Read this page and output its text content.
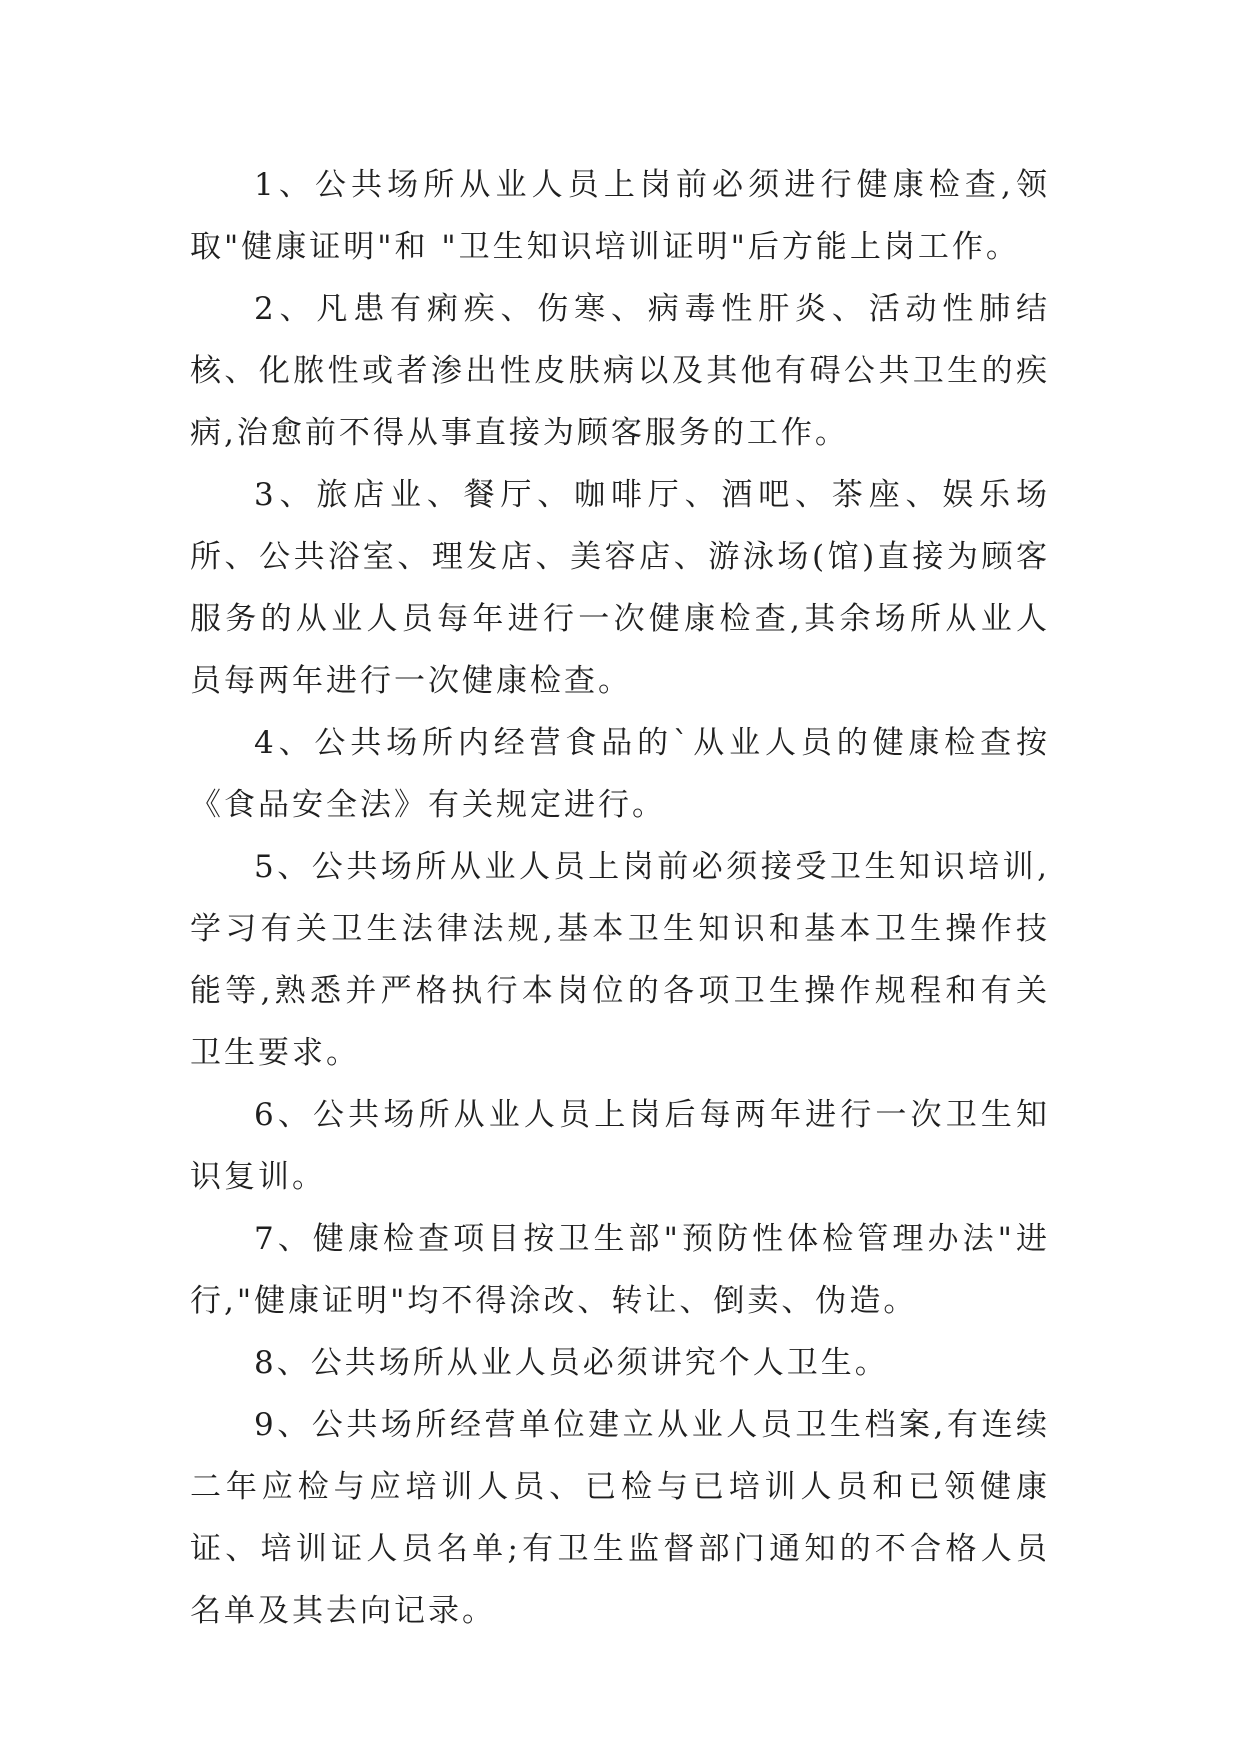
1、公共场所从业人员上岗前必须进行健康检查,领取"健康证明"和 "卫生知识培训证明"后方能上岗工作。

2、凡患有痢疾、伤寒、病毒性肝炎、活动性肺结核、化脓性或者渗出性皮肤病以及其他有碍公共卫生的疾病,治愈前不得从事直接为顾客服务的工作。

3、旅店业、餐厅、咖啡厅、酒吧、茶座、娱乐场所、公共浴室、理发店、美容店、游泳场(馆)直接为顾客服务的从业人员每年进行一次健康检查,其余场所从业人员每两年进行一次健康检查。

4、公共场所内经营食品的`从业人员的健康检查按《食品安全法》有关规定进行。

5、公共场所从业人员上岗前必须接受卫生知识培训,学习有关卫生法律法规,基本卫生知识和基本卫生操作技能等,熟悉并严格执行本岗位的各项卫生操作规程和有关卫生要求。

6、公共场所从业人员上岗后每两年进行一次卫生知识复训。

7、健康检查项目按卫生部"预防性体检管理办法"进行,"健康证明"均不得涂改、转让、倒卖、伪造。

8、公共场所从业人员必须讲究个人卫生。

9、公共场所经营单位建立从业人员卫生档案,有连续二年应检与应培训人员、已检与已培训人员和已领健康证、培训证人员名单;有卫生监督部门通知的不合格人员名单及其去向记录。
